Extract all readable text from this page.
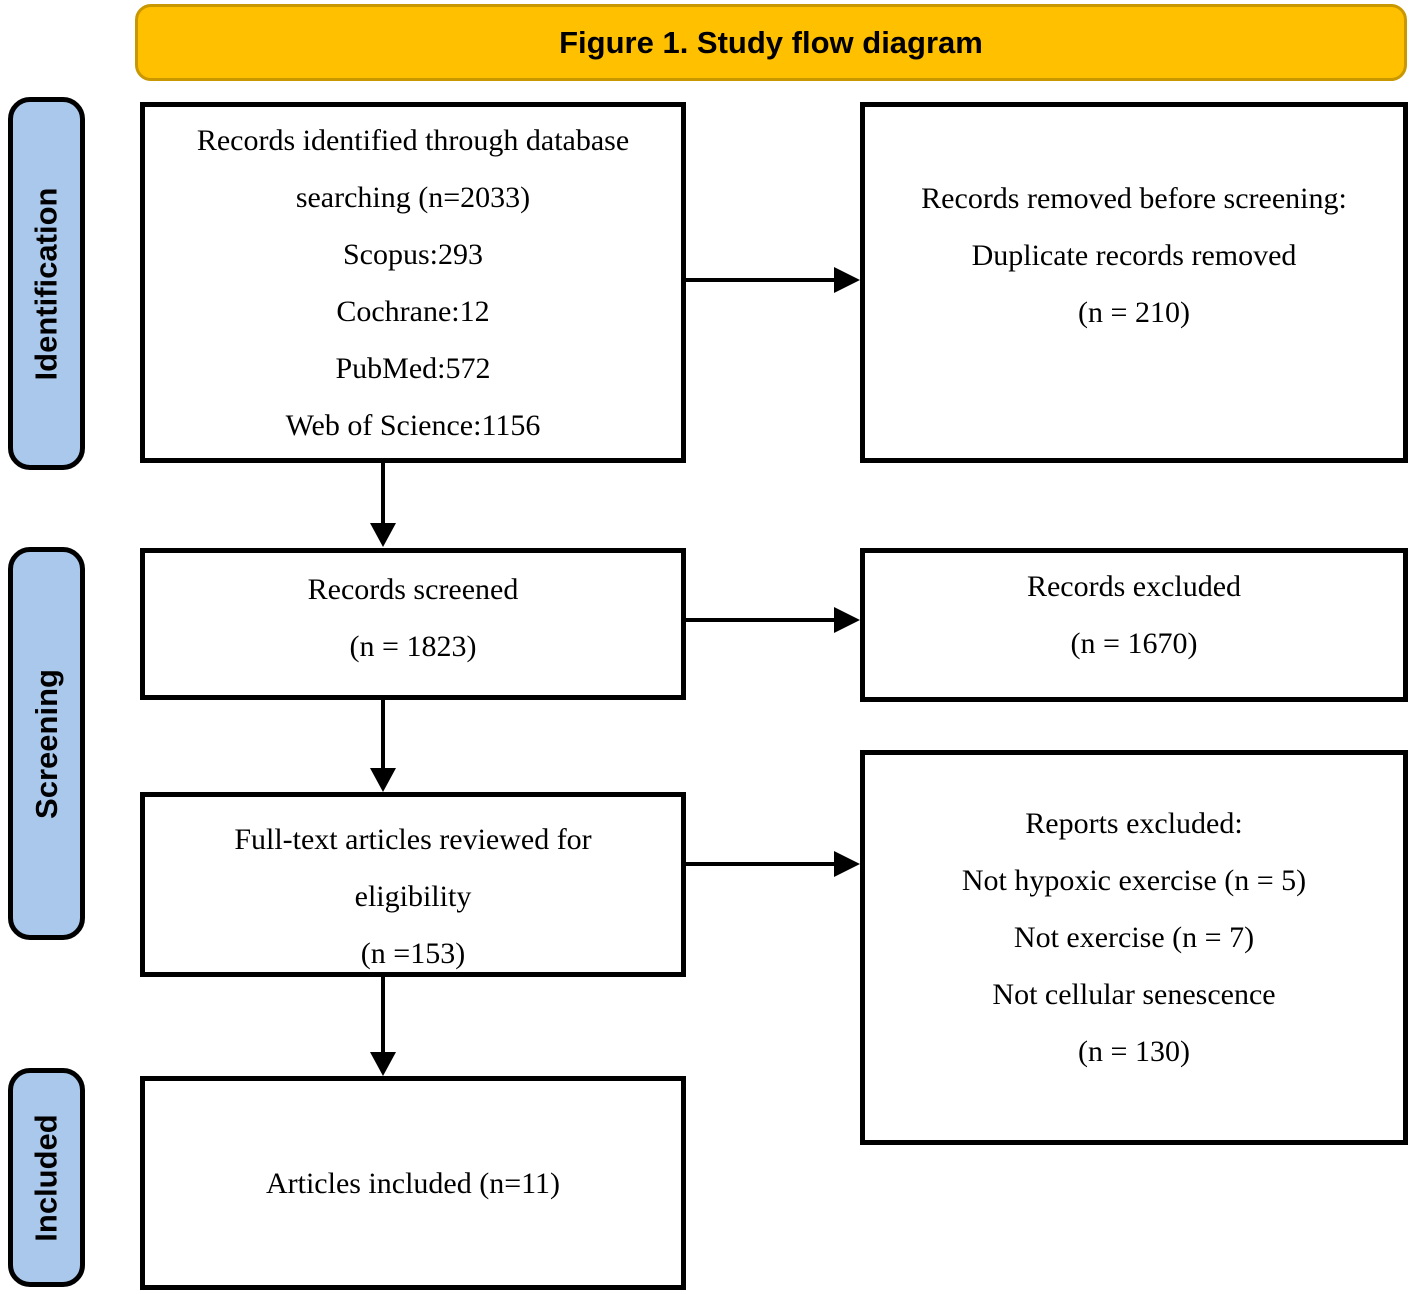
Figure 1. Study flow diagram
Identification
Screening
Included
Records identified through database
searching (n=2033)
Scopus:293
Cochrane:12
PubMed:572
Web of Science:1156
Records removed before screening:
Duplicate records removed
(n = 210)
Records screened
(n = 1823)
Records excluded
(n = 1670)
Full-text articles reviewed for
eligibility
(n =153)
Reports excluded:
Not hypoxic exercise (n = 5)
Not exercise (n = 7)
Not cellular senescence
(n = 130)
Articles included (n=11)
